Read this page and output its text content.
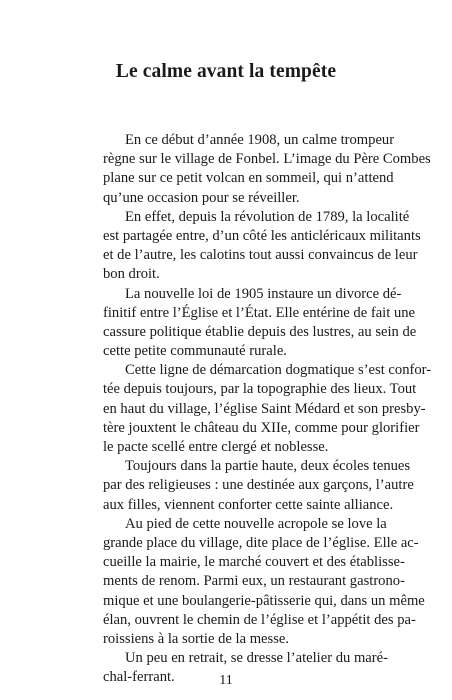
Le calme avant la tempête
En ce début d’année 1908, un calme trompeur
règne sur le village de Fonbel. L’image du Père Combes
plane sur ce petit volcan en sommeil, qui n’attend
qu’une occasion pour se réveiller.
En effet, depuis la révolution de 1789, la localité
est partagée entre, d’un côté les anticléricaux militants
et de l’autre, les calotins tout aussi convaincus de leur
bon droit.
La nouvelle loi de 1905 instaure un divorce dé-
finitif entre l’Église et l’État. Elle entérine de fait une
cassure politique établie depuis des lustres, au sein de
cette petite communauté rurale.
Cette ligne de démarcation dogmatique s’est confor-
tée depuis toujours, par la topographie des lieux. Tout
en haut du village, l’église Saint Médard et son presby-
tère jouxtent le château du XIIe, comme pour glorifier
le pacte scellé entre clergé et noblesse.
Toujours dans la partie haute, deux écoles tenues
par des religieuses : une destinée aux garçons, l’autre
aux filles, viennent conforter cette sainte alliance.
Au pied de cette nouvelle acropole se love la
grande place du village, dite place de l’église. Elle ac-
cueille la mairie, le marché couvert et des établisse-
ments de renom. Parmi eux, un restaurant gastrono-
mique et une boulangerie-pâtisserie qui, dans un même
élan, ouvrent le chemin de l’église et l’appétit des pa-
roissiens à la sortie de la messe.
Un peu en retrait, se dresse l’atelier du maré-
chal-ferrant.	11
